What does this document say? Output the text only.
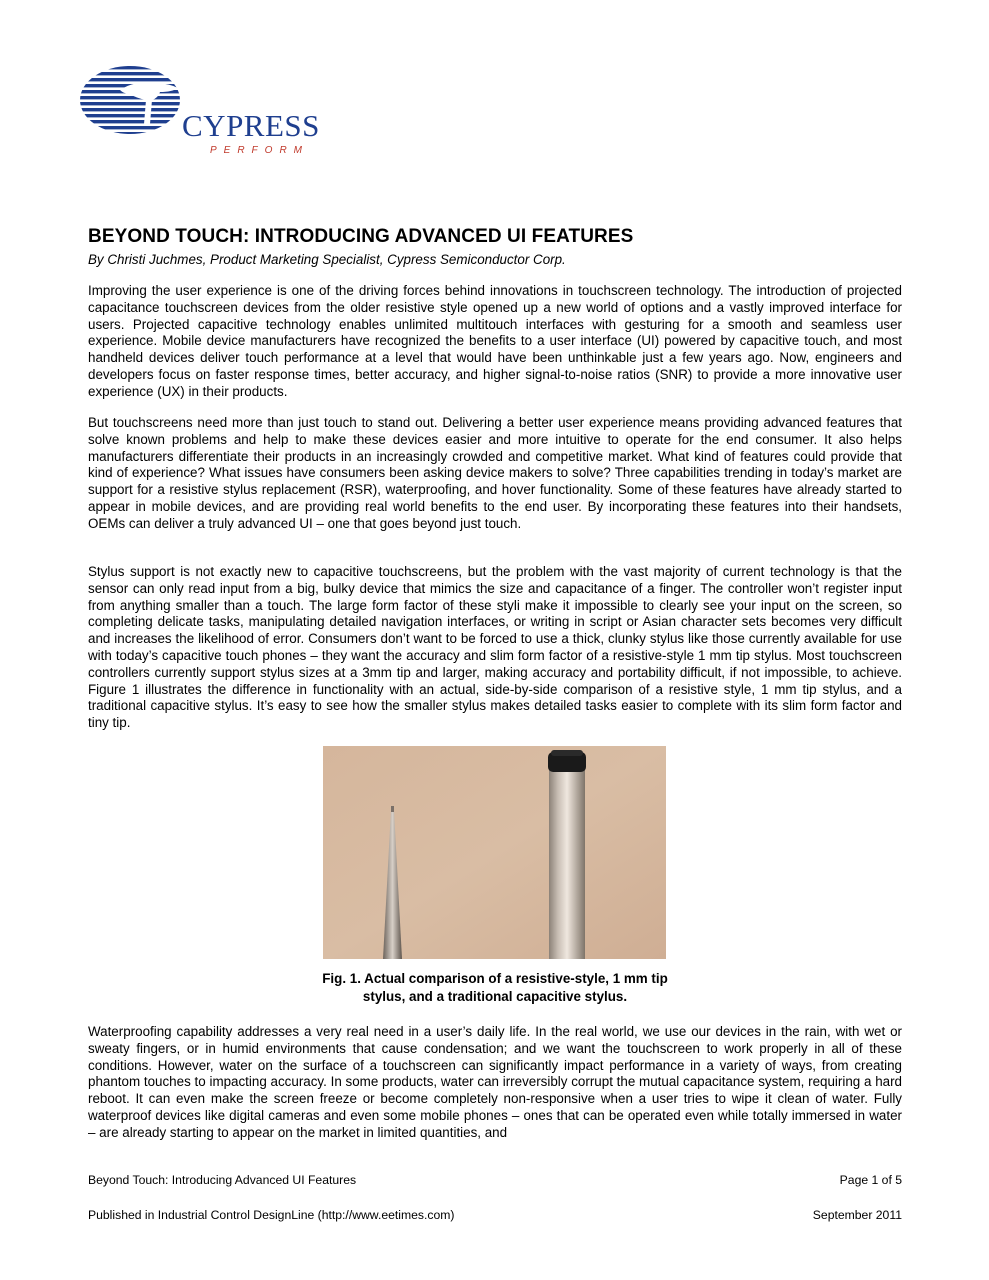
CYPRESS
PERFORM
BEYOND TOUCH: INTRODUCING ADVANCED UI FEATURES

By Christi Juchmes, Product Marketing Specialist, Cypress Semiconductor Corp.

Improving the user experience is one of the driving forces behind innovations in touchscreen technology. The introduction of projected capacitance touchscreen devices from the older resistive style opened up a new world of options and a vastly improved interface for users. Projected capacitive technology enables unlimited multitouch interfaces with gesturing for a smooth and seamless user experience. Mobile device manufacturers have recognized the benefits to a user interface (UI) powered by capacitive touch, and most handheld devices deliver touch performance at a level that would have been unthinkable just a few years ago. Now, engineers and developers focus on faster response times, better accuracy, and higher signal-to-noise ratios (SNR) to provide a more innovative user experience (UX) in their products.

But touchscreens need more than just touch to stand out. Delivering a better user experience means providing advanced features that solve known problems and help to make these devices easier and more intuitive to operate for the end consumer. It also helps manufacturers differentiate their products in an increasingly crowded and competitive market. What kind of features could provide that kind of experience? What issues have consumers been asking device makers to solve? Three capabilities trending in today’s market are support for a resistive stylus replacement (RSR), waterproofing, and hover functionality. Some of these features have already started to appear in mobile devices, and are providing real world benefits to the end user. By incorporating these features into their handsets, OEMs can deliver a truly advanced UI – one that goes beyond just touch.

Stylus support is not exactly new to capacitive touchscreens, but the problem with the vast majority of current technology is that the sensor can only read input from a big, bulky device that mimics the size and capacitance of a finger. The controller won’t register input from anything smaller than a touch. The large form factor of these styli make it impossible to clearly see your input on the screen, so completing delicate tasks, manipulating detailed navigation interfaces, or writing in script or Asian character sets becomes very difficult and increases the likelihood of error. Consumers don’t want to be forced to use a thick, clunky stylus like those currently available for use with today’s capacitive touch phones – they want the accuracy and slim form factor of a resistive-style 1 mm tip stylus. Most touchscreen controllers currently support stylus sizes at a 3mm tip and larger, making accuracy and portability difficult, if not impossible, to achieve. Figure 1 illustrates the difference in functionality with an actual, side-by-side comparison of a resistive style, 1 mm tip stylus, and a traditional capacitive stylus. It’s easy to see how the smaller stylus makes detailed tasks easier to complete with its slim form factor and tiny tip.

Fig. 1. Actual comparison of a resistive-style, 1 mm tip
stylus, and a traditional capacitive stylus.

Waterproofing capability addresses a very real need in a user’s daily life. In the real world, we use our devices in the rain, with wet or sweaty fingers, or in humid environments that cause condensation; and we want the touchscreen to work properly in all of these conditions. However, water on the surface of a touchscreen can significantly impact performance in a variety of ways, from creating phantom touches to impacting accuracy. In some products, water can irreversibly corrupt the mutual capacitance system, requiring a hard reboot. It can even make the screen freeze or become completely non-responsive when a user tries to wipe it clean of water. Fully waterproof devices like digital cameras and even some mobile phones – ones that can be operated even while totally immersed in water – are already starting to appear on the market in limited quantities, and

Beyond Touch: Introducing Advanced UI Features	Page 1 of 5
Published in Industrial Control DesignLine (http://www.eetimes.com)	September 2011
